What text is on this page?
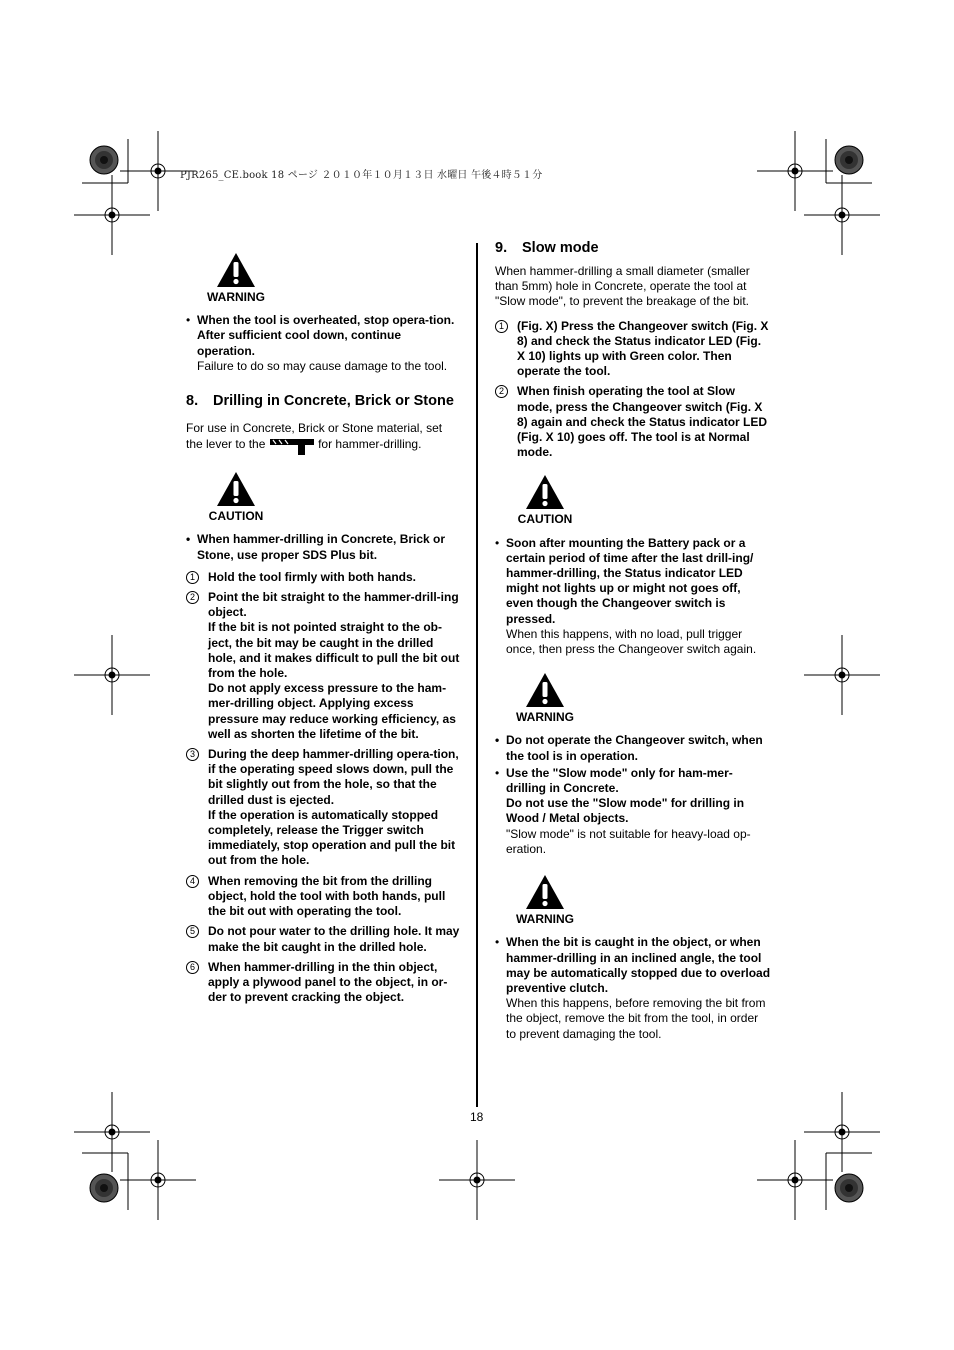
PJR265_CE.book 18 ページ ２０１０年１０月１３日 水曜日 午後４時５１分
WARNING
• When the tool is overheated, stop opera-tion. After sufficient cool down, continue operation.
Failure to do so may cause damage to the tool.
8. Drilling in Concrete, Brick or Stone

For use in Concrete, Brick or Stone material, set the lever to the	for hammer-drilling.

CAUTION
• When hammer-drilling in Concrete, Brick or Stone, use proper SDS Plus bit.
1	Hold the tool firmly with both hands.
2	Point the bit straight to the hammer-drill-ing object.
If the bit is not pointed straight to the ob-ject, the bit may be caught in the drilled hole, and it makes difficult to pull the bit out from the hole.
Do not apply excess pressure to the ham-mer-drilling object. Applying excess pressure may reduce working efficiency, as well as shorten the lifetime of the bit.
3	During the deep hammer-drilling opera-tion, if the operating speed slows down, pull the bit slightly out from the hole, so that the drilled dust is ejected.
If the operation is automatically stopped completely, release the Trigger switch immediately, stop operation and pull the bit out from the hole.
4	When removing the bit from the drilling object, hold the tool with both hands, pull the bit out with operating the tool.
5	Do not pour water to the drilling hole. It may make the bit caught in the drilled hole.
6	When hammer-drilling in the thin object, apply a plywood panel to the object, in or-der to prevent cracking the object.
9. Slow mode

When hammer-drilling a small diameter (smaller than 5mm) hole in Concrete, operate the tool at "Slow mode", to prevent the breakage of the bit.

1	(Fig. X) Press the Changeover switch (Fig. X 8) and check the Status indicator LED (Fig. X 10) lights up with Green color. Then operate the tool.
2	When finish operating the tool at Slow mode, press the Changeover switch (Fig. X 8) again and check the Status indicator LED (Fig. X 10) goes off. The tool is at Normal mode.
CAUTION
• Soon after mounting the Battery pack or a certain period of time after the last drill-ing/ hammer-drilling, the Status indicator LED might not lights up or might not goes off, even though the Changeover switch is pressed.
When this happens, with no load, pull trigger once, then press the Changeover switch again.
WARNING
• Do not operate the Changeover switch, when the tool is in operation.
• Use the "Slow mode" only for ham-mer-drilling in Concrete.
Do not use the "Slow mode" for drilling in Wood / Metal objects.
"Slow mode" is not suitable for heavy-load op-eration.
WARNING
• When the bit is caught in the object, or when hammer-drilling in an inclined angle, the tool may be automatically stopped due to overload preventive clutch.
When this happens, before removing the bit from the object, remove the bit from the tool, in order to prevent damaging the tool.
18
